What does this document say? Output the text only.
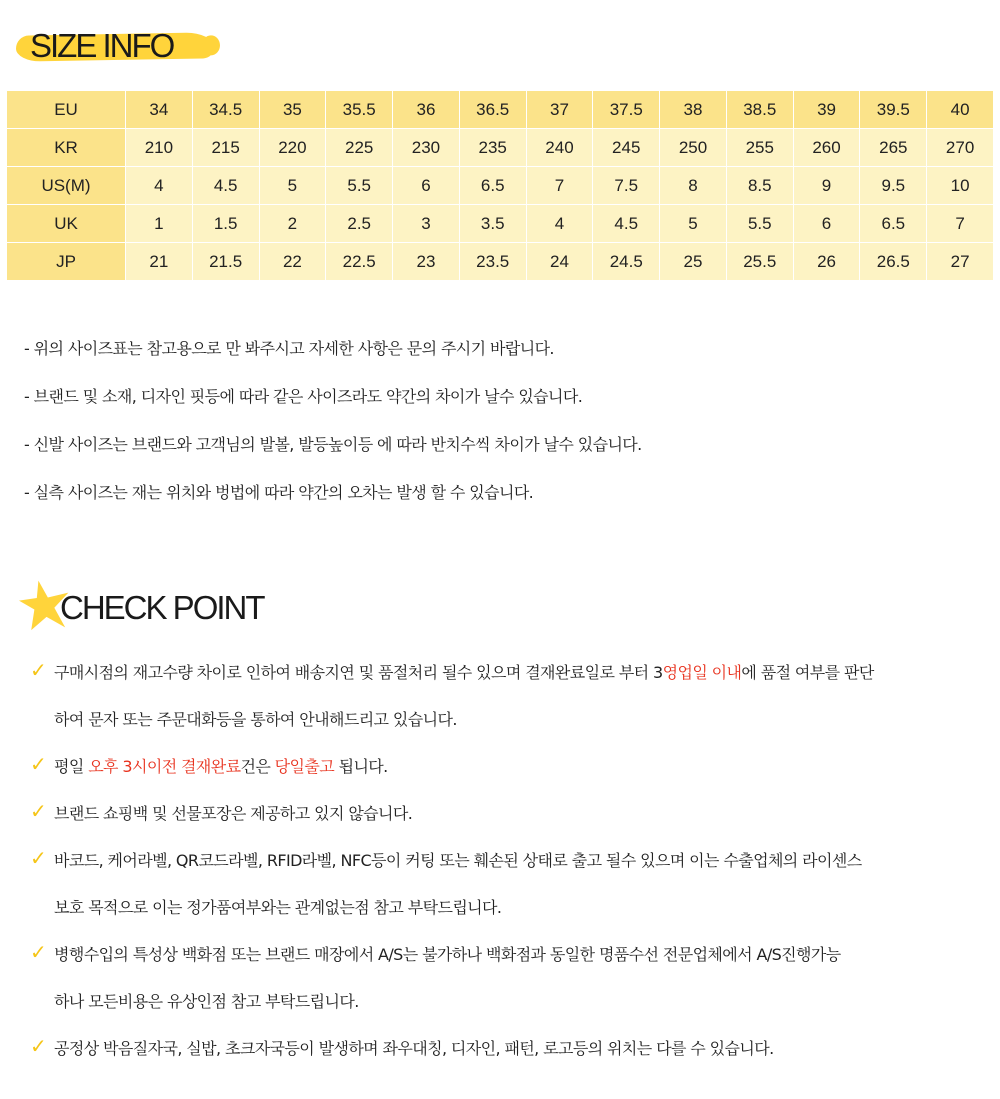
SIZE INFO
EU	34	34.5	35	35.5	36	36.5	37	37.5	38	38.5	39	39.5	40
KR	210	215	220	225	230	235	240	245	250	255	260	265	270
US(M)	4	4.5	5	5.5	6	6.5	7	7.5	8	8.5	9	9.5	10
UK	1	1.5	2	2.5	3	3.5	4	4.5	5	5.5	6	6.5	7
JP	21	21.5	22	22.5	23	23.5	24	24.5	25	25.5	26	26.5	27
- 위의 사이즈표는 참고용으로 만 봐주시고 자세한 사항은 문의 주시기 바랍니다.
- 브랜드 및 소재, 디자인 핏등에 따라 같은 사이즈라도 약간의 차이가 날수 있습니다.
- 신발 사이즈는 브랜드와 고객님의 발볼, 발등높이등 에 따라 반치수씩 차이가 날수 있습니다.
- 실측 사이즈는 재는 위치와 벙법에 따라 약간의 오차는 발생 할 수 있습니다.
CHECK POINT
✓ 구매시점의 재고수량 차이로 인하여 배송지연 및 품절처리 될수 있으며 결재완료일로 부터 3영업일 이내에 품절 여부를 판단
하여 문자 또는 주문대화등을 통하여 안내해드리고 있습니다.
✓ 평일 오후 3시이전 결재완료건은 당일출고 됩니다.
✓ 브랜드 쇼핑백 및 선물포장은 제공하고 있지 않습니다.
✓ 바코드, 케어라벨, QR코드라벨, RFID라벨, NFC등이 커팅 또는 훼손된 상태로 출고 될수 있으며 이는 수출업체의 라이센스
보호 목적으로 이는 정가품여부와는 관계없는점 참고 부탁드립니다.
✓ 병행수입의 특성상 백화점 또는 브랜드 매장에서 A/S는 불가하나 백화점과 동일한 명품수선 전문업체에서 A/S진행가능
하나 모든비용은 유상인점 참고 부탁드립니다.
✓ 공정상 박음질자국, 실밥, 초크자국등이 발생하며 좌우대칭, 디자인, 패턴, 로고등의 위치는 다를 수 있습니다.
